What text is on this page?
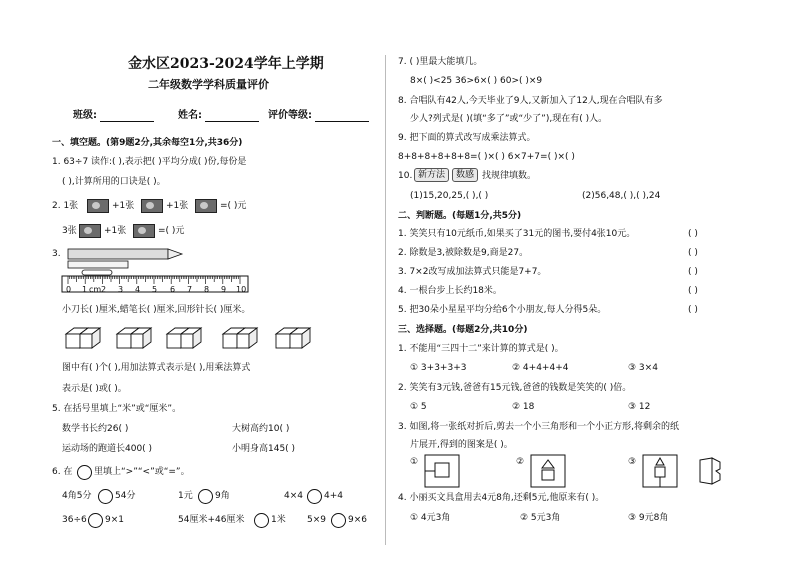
金水区2023-2024学年上学期
二年级数学学科质量评价
班级:	姓名:	评价等级:
一、填空题。(第9题2分,其余每空1分,共36分)
1. 63÷7 读作:( ),表示把( )平均分成( )份,每份是
( ),计算所用的口诀是( )。
2. 1张	+1张	+1张	=( )元
3张	+1张	=( )元
3.
0 1 cm 2 3 4 5 6 7 8 9 10
小刀长( )厘米,蜡笔长( )厘米,回形针长( )厘米。
图中有( )个( ),用加法算式表示是( ),用乘法算式
表示是( )或( )。
5. 在括号里填上“米”或“厘米”。
数学书长约26( )	大树高约10( )
运动场的跑道长400( )	小明身高145( )
6. 在 里填上“>”“<”或“=”。
4角5分	54分	1元 9角	4×4 4+4
36÷6 9×1	54厘米+46厘米	1米 5×9 9×6
7. ( )里最大能填几。
8×( )<25 36>6×( ) 60>( )×9
8. 合唱队有42人,今天毕业了9人,又新加入了12人,现在合唱队有多
少人?列式是( )(填“多了”或“少了”),现在有( )人。
9. 把下面的算式改写成乘法算式。
8+8+8+8+8+8=( )×( ) 6×7+7=( )×( )
10. 新方法	数感 找规律填数。
(1)15,20,25,( ),( )	(2)56,48,( ),( ),24
二、判断题。(每题1分,共5分)
1. 笑笑只有10元纸币,如果买了31元的图书,要付4张10元。	( )
2. 除数是3,被除数是9,商是27。	( )
3. 7×2改写成加法算式只能是7+7。	( )
4. 一根台步上长约18米。	( )
5. 把30朵小星星平均分给6个小朋友,每人分得5朵。	( )
三、选择题。(每题2分,共10分)
1. 不能用“三四十二”来计算的算式是( )。
① 3+3+3+3	② 4+4+4+4	③ 3×4
2. 笑笑有3元钱,爸爸有15元钱,爸爸的钱数是笑笑的( )倍。
① 5	② 18	③ 12
3. 如图,将一张纸对折后,剪去一个小三角形和一个小正方形,将剩余的纸
片展开,得到的图案是( )。
①	②	③
4. 小丽买文具盒用去4元8角,还剩5元,他原来有( )。
① 4元3角	② 5元3角	③ 9元8角
